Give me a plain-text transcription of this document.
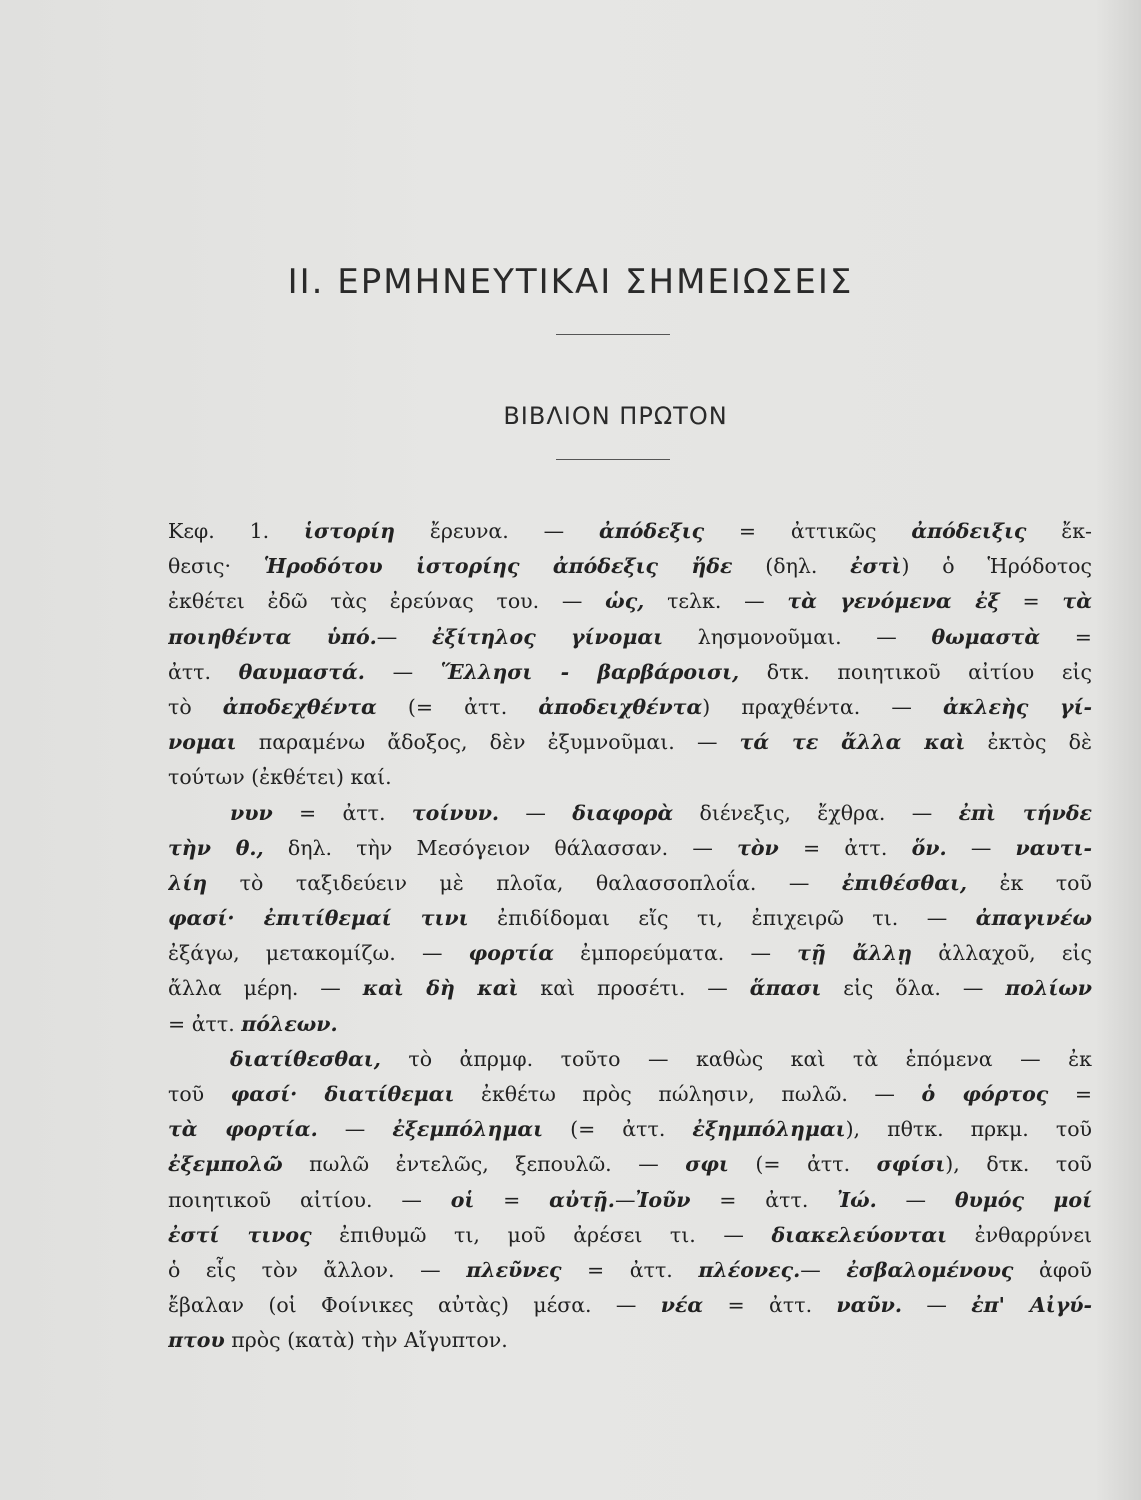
II. ΕΡΜΗΝΕΥΤΙΚΑΙ ΣΗΜΕΙΩΣΕΙΣ
ΒΙΒΛΙΟΝ ΠΡΩΤΟΝ
Κεφ. 1. ἱστορίη ἔρευνα. — ἀπόδεξις = ἀττικῶς ἀπόδειξις ἔκ-
θεσις· Ἡροδότου ἱστορίης ἀπόδεξις ἥδε (δηλ. ἐστὶ) ὁ Ἡρόδοτος
ἐκθέτει ἐδῶ τὰς ἐρεύνας του. — ὡς, τελκ. — τὰ γενόμενα ἐξ = τὰ
ποιηθέντα ὑπό.— ἐξίτηλος γίνομαι λησμονοῦμαι. — θωμαστὰ =
ἀττ. θαυμαστά. — Ἕλλησι - βαρβάροισι, δτκ. ποιητικοῦ αἰτίου εἰς
τὸ ἀποδεχθέντα (= ἀττ. ἀποδειχθέντα) πραχθέντα. — ἀκλεὴς γί-
νομαι παραμένω ἄδοξος, δὲν ἐξυμνοῦμαι. — τά τε ἄλλα καὶ ἐκτὸς δὲ
τούτων (ἐκθέτει) καί.
νυν = ἀττ. τοίνυν. — διαφορὰ διένεξις, ἔχθρα. — ἐπὶ τήνδε
τὴν θ., δηλ. τὴν Μεσόγειον θάλασσαν. — τὸν = ἀττ. ὅν. — ναυτι-
λίη τὸ ταξιδεύειν μὲ πλοῖα, θαλασσοπλοΐα. — ἐπιθέσθαι, ἐκ τοῦ
φασί· ἐπιτίθεμαί τινι ἐπιδίδομαι εἴς τι, ἐπιχειρῶ τι. — ἀπαγινέω
ἐξάγω, μετακομίζω. — φορτία ἐμπορεύματα. — τῇ ἄλλῃ ἀλλαχοῦ, εἰς
ἄλλα μέρη. — καὶ δὴ καὶ καὶ προσέτι. — ἅπασι εἰς ὅλα. — πολίων
= ἀττ. πόλεων.
διατίθεσθαι, τὸ ἀπρμφ. τοῦτο — καθὼς καὶ τὰ ἑπόμενα — ἐκ
τοῦ φασί· διατίθεμαι ἐκθέτω πρὸς πώλησιν, πωλῶ. — ὁ φόρτος =
τὰ φορτία. — ἐξεμπόλημαι (= ἀττ. ἐξημπόλημαι), πθτκ. πρκμ. τοῦ
ἐξεμπολῶ πωλῶ ἐντελῶς, ξεπουλῶ. — σφι (= ἀττ. σφίσι), δτκ. τοῦ
ποιητικοῦ αἰτίου. — οἱ = αὐτῇ.—Ἰοῦν = ἀττ. Ἰώ. — θυμός μοί
ἐστί τινος ἐπιθυμῶ τι, μοῦ ἀρέσει τι. — διακελεύονται ἐνθαρρύνει
ὁ εἷς τὸν ἄλλον. — πλεῦνες = ἀττ. πλέονες.— ἐσβαλομένους ἀφοῦ
ἔβαλαν (οἱ Φοίνικες αὐτὰς) μέσα. — νέα = ἀττ. ναῦν. — ἐπ' Αἰγύ-
πτου πρὸς (κατὰ) τὴν Αἴγυπτον.
